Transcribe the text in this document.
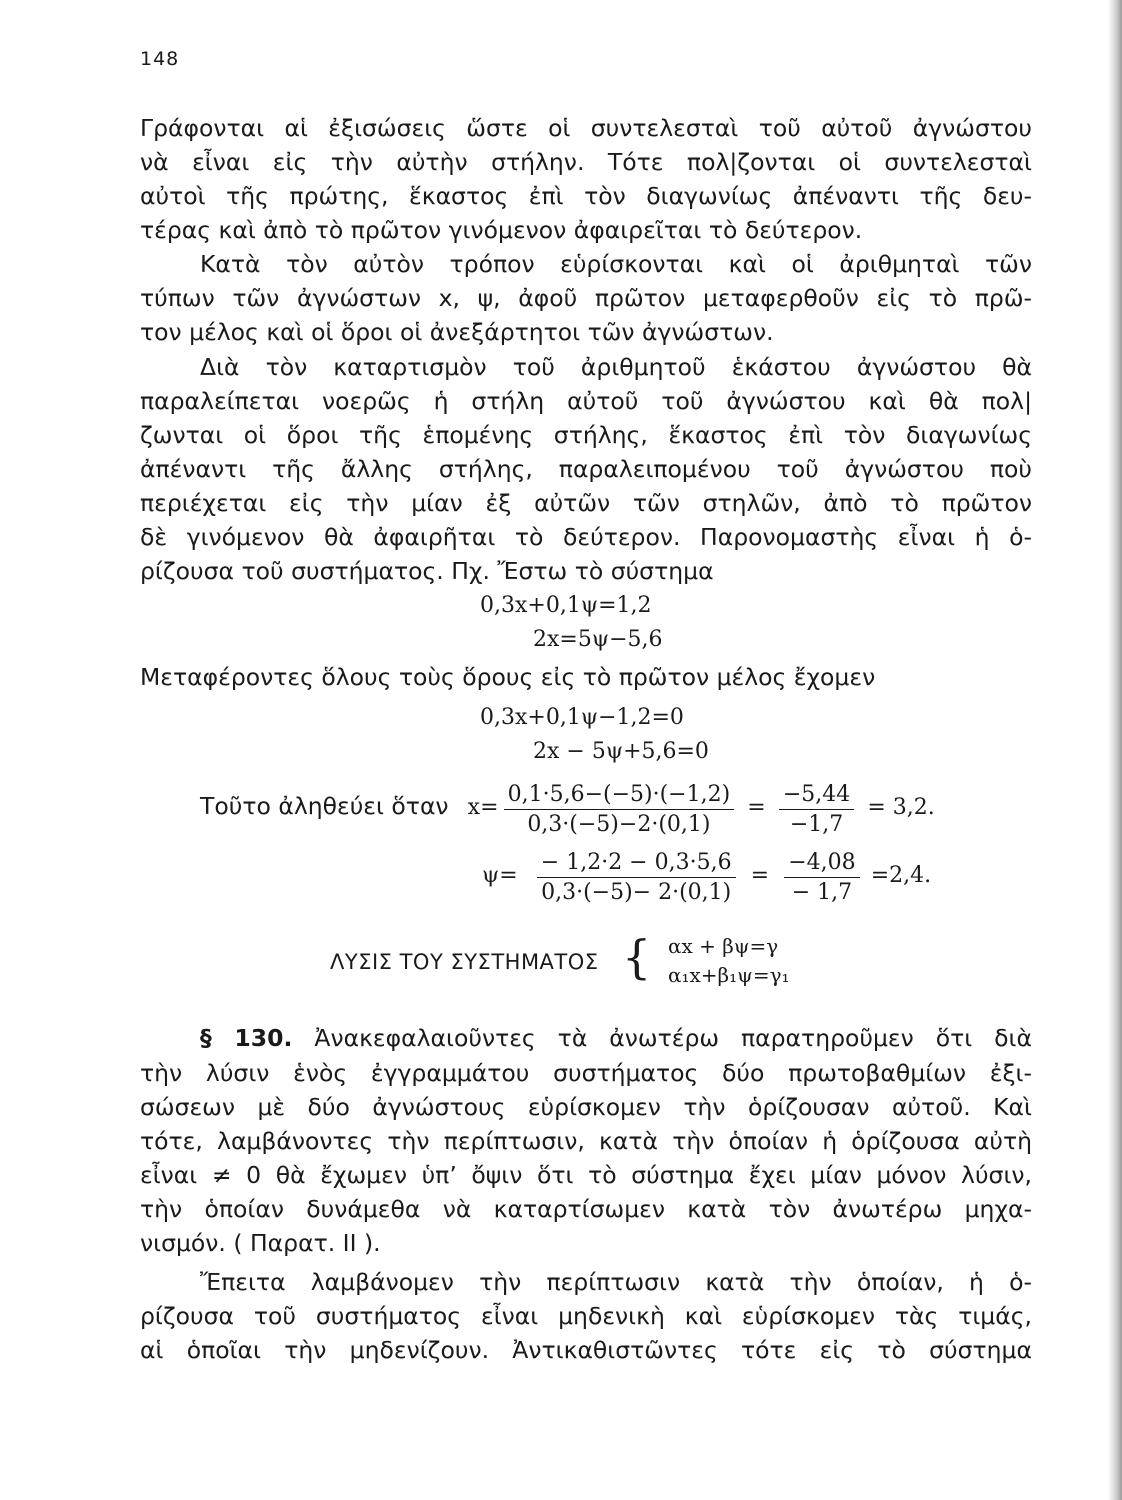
148

Γράφονται αἱ ἐξισώσεις ὥστε οἱ συντελεσταὶ τοῦ αὐτοῦ ἀγνώστου

νὰ εἶναι εἰς τὴν αὐτὴν στήλην. Τότε πολ|ζονται οἱ συντελεσταὶ

αὐτοὶ τῆς πρώτης, ἕκαστος ἐπὶ τὸν διαγωνίως ἀπέναντι τῆς δευ-

τέρας καὶ ἀπὸ τὸ πρῶτον γινόμενον ἀφαιρεῖται τὸ δεύτερον.

Κατὰ τὸν αὐτὸν τρόπον εὑρίσκονται καὶ οἱ ἀριθμηταὶ τῶν

τύπων τῶν ἀγνώστων x, ψ, ἀφοῦ πρῶτον μεταφερθοῦν εἰς τὸ πρῶ-

τον μέλος καὶ οἱ ὅροι οἱ ἀνεξάρτητοι τῶν ἀγνώστων.

Διὰ τὸν καταρτισμὸν τοῦ ἀριθμητοῦ ἑκάστου ἀγνώστου θὰ

παραλείπεται νοερῶς ἡ στήλη αὐτοῦ τοῦ ἀγνώστου καὶ θὰ πολ|

ζωνται οἱ ὅροι τῆς ἑπομένης στήλης, ἕκαστος ἐπὶ τὸν διαγωνίως

ἀπέναντι τῆς ἄλλης στήλης, παραλειπομένου τοῦ ἀγνώστου ποὺ

περιέχεται εἰς τὴν μίαν ἐξ αὐτῶν τῶν στηλῶν, ἀπὸ τὸ πρῶτον

δὲ γινόμενον θὰ ἀφαιρῆται τὸ δεύτερον. Παρονομαστὴς εἶναι ἡ ὁ-

ρίζουσα τοῦ συστήματος. Πχ. Ἔστω τὸ σύστημα

0,3x+0,1ψ=1,2
2x=5ψ−5,6

Μεταφέροντες ὅλους τοὺς ὅρους εἰς τὸ πρῶτον μέλος ἔχομεν

0,3x+0,1ψ−1,2=0
2x − 5ψ+5,6=0
Τοῦτο ἀληθεύει ὅταν $x= \frac{0,1\cdot 5,6-(-5)\cdot(-1,2)}{0,3\cdot(-5)-2\cdot(0,1)} = \frac{-5,44}{-1,7} = 3,2$.
$\psi= \frac{- 1,2\cdot 2 - 0,3\cdot 5,6}{0,3\cdot(-5)- 2\cdot(0,1)} = \frac{-4,08}{- 1,7} =2,4$.
ΛΥΣΙΣ ΤΟΥ ΣΥΣΤΗΜΑΤΟΣ { αx + βψ=γ
α₁x+β₁ψ=γ₁

§ 130. Ἀνακεφαλαιοῦντες τὰ ἀνωτέρω παρατηροῦμεν ὅτι διὰ

τὴν λύσιν ἑνὸς ἐγγραμμάτου συστήματος δύο πρωτοβαθμίων ἐξι-

σώσεων μὲ δύο ἀγνώστους εὑρίσκομεν τὴν ὁρίζουσαν αὐτοῦ. Καὶ

τότε, λαμβάνοντες τὴν περίπτωσιν, κατὰ τὴν ὁποίαν ἡ ὁρίζουσα αὐτὴ

εἶναι ≠ 0 θὰ ἔχωμεν ὑπ’ ὄψιν ὅτι τὸ σύστημα ἔχει μίαν μόνον λύσιν,

τὴν ὁποίαν δυνάμεθα νὰ καταρτίσωμεν κατὰ τὸν ἀνωτέρω μηχα-

νισμόν. ( Παρατ. II ).

Ἔπειτα λαμβάνομεν τὴν περίπτωσιν κατὰ τὴν ὁποίαν, ἡ ὁ-

ρίζουσα τοῦ συστήματος εἶναι μηδενικὴ καὶ εὑρίσκομεν τὰς τιμάς,

αἱ ὁποῖαι τὴν μηδενίζουν. Ἀντικαθιστῶντες τότε εἰς τὸ σύστημα
